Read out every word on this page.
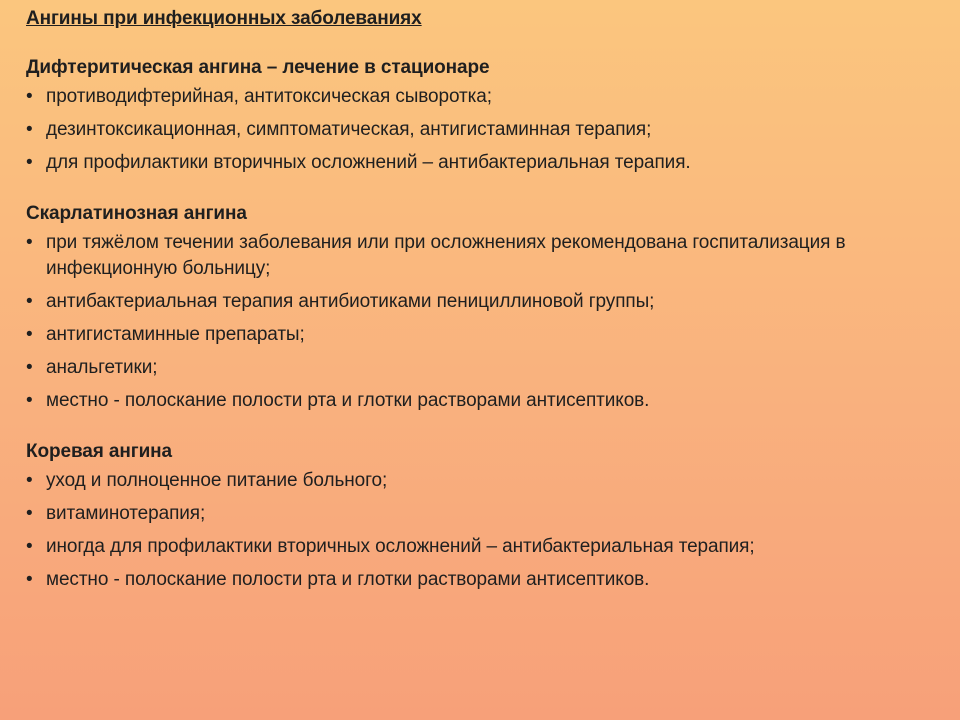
Ангины при инфекционных заболеваниях
Дифтеритическая ангина – лечение в стационаре
• противодифтерийная, антитоксическая сыворотка;
• дезинтоксикационная, симптоматическая, антигистаминная терапия;
• для профилактики вторичных осложнений – антибактериальная терапия.
Скарлатинозная ангина
• при тяжёлом течении заболевания или при осложнениях рекомендована госпитализация в инфекционную больницу;
• антибактериальная терапия антибиотиками пенициллиновой группы;
• антигистаминные препараты;
• анальгетики;
• местно - полоскание полости рта и глотки растворами антисептиков.
Коревая ангина
• уход и полноценное питание больного;
• витаминотерапия;
• иногда для профилактики вторичных осложнений – антибактериальная терапия;
• местно - полоскание полости рта и глотки растворами антисептиков.
